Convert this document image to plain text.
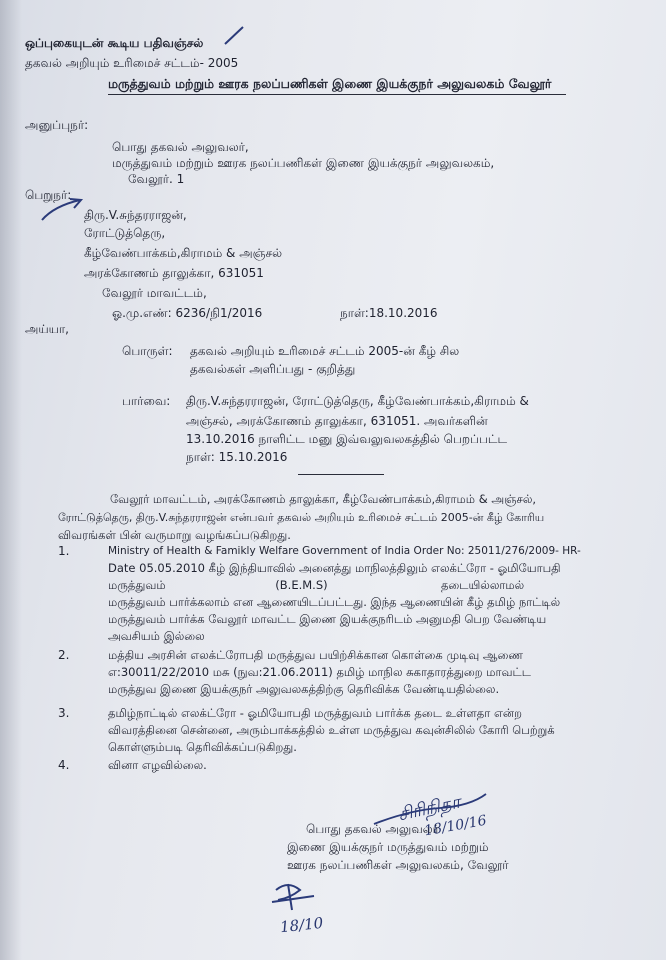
ஒப்புகையுடன் கூடிய பதிவஞ்சல்
தகவல் அறியும் உரிமைச் சட்டம்- 2005
மருத்துவம் மற்றும் ஊரக நலப்பணிகள் இணை இயக்குநர் அலுவலகம் வேலூர்
அனுப்புநர்:
பொது தகவல் அலுவலர்,
மருத்துவம் மற்றும் ஊரக நலப்பணிகள் இணை இயக்குநர் அலுவலகம்,
வேலூர். 1
பெறுநர்:
திரு.V.சுந்தரராஜன்,
ரோட்டுத்தெரு,
கீழ்வேண்பாக்கம்,கிராமம் & அஞ்சல்
அரக்கோணம் தாலுக்கா, 631051
வேலூர் மாவட்டம்,
ஓ.மு.எண்: 6236/நி1/2016	நாள்:18.10.2016
அய்யா,
பொருள்: தகவல் அறியும் உரிமைச் சட்டம் 2005-ன் கீழ் சில
தகவல்கள் அளிப்பது - குறித்து
பார்வை: திரு.V.சுந்தரராஜன், ரோட்டுத்தெரு, கீழ்வேண்பாக்கம்,கிராமம் &
அஞ்சல், அரக்கோணம் தாலுக்கா, 631051. அவர்களின்
13.10.2016 நாளிட்ட மனு இவ்வலுவலகத்தில் பெறப்பட்ட
நாள்: 15.10.2016
வேலூர் மாவட்டம், அரக்கோணம் தாலுக்கா, கீழ்வேண்பாக்கம்,கிராமம் & அஞ்சல்,
ரோட்டுத்தெரு, திரு.V.சுந்தரராஜன் என்பவர் தகவல் அறியும் உரிமைச் சட்டம் 2005-ன் கீழ் கோரிய
விவரங்கள் பின் வருமாறு வழங்கப்படுகிறது.
1.	Ministry of Health & Famikly Welfare Government of India Order No: 25011/276/2009- HR-
Date 05.05.2010 கீழ் இந்தியாவில் அனைத்து மாநிலத்திலும் எலக்ட்ரோ - ஓமியோபதி
மருத்துவம்                              (B.E.M.S)                               தடையில்லாமல்
மருத்துவம் பார்க்கலாம் என ஆணையிடப்பட்டது. இந்த ஆணையின் கீழ் தமிழ் நாட்டில்
மருத்துவம் பார்க்க வேலூர் மாவட்ட இணை இயக்குநரிடம் அனுமதி பெற வேண்டிய
அவசியம் இல்லை
2.	மத்திய அரசின் எலக்ட்ரோபதி மருத்துவ பயிற்சிக்கான கொள்கை முடிவு ஆணை
எ:30011/22/2010 மசு (நுவ:21.06.2011) தமிழ் மாநில சுகாதாரத்துறை மாவட்ட
மருத்துவ இணை இயக்குநர் அலுவலகத்திற்கு தெரிவிக்க வேண்டியதில்லை.
3.	தமிழ்நாட்டில் எலக்ட்ரோ - ஓமியோபதி மருத்துவம் பார்க்க தடை உள்ளதா என்ற
விவரத்தினை சென்னை, அரும்பாக்கத்தில் உள்ள மருத்துவ கவுன்சிலில் கோரி பெற்றுக்
கொள்ளும்படி தெரிவிக்கப்படுகிறது.
4.	வினா எழவில்லை.
சிரிநிதா
18/10/16
பொது தகவல் அலுவலர்
இணை இயக்குநர் மருத்துவம் மற்றும்
ஊரக நலப்பணிகள் அலுவலகம், வேலூர்
18/10
